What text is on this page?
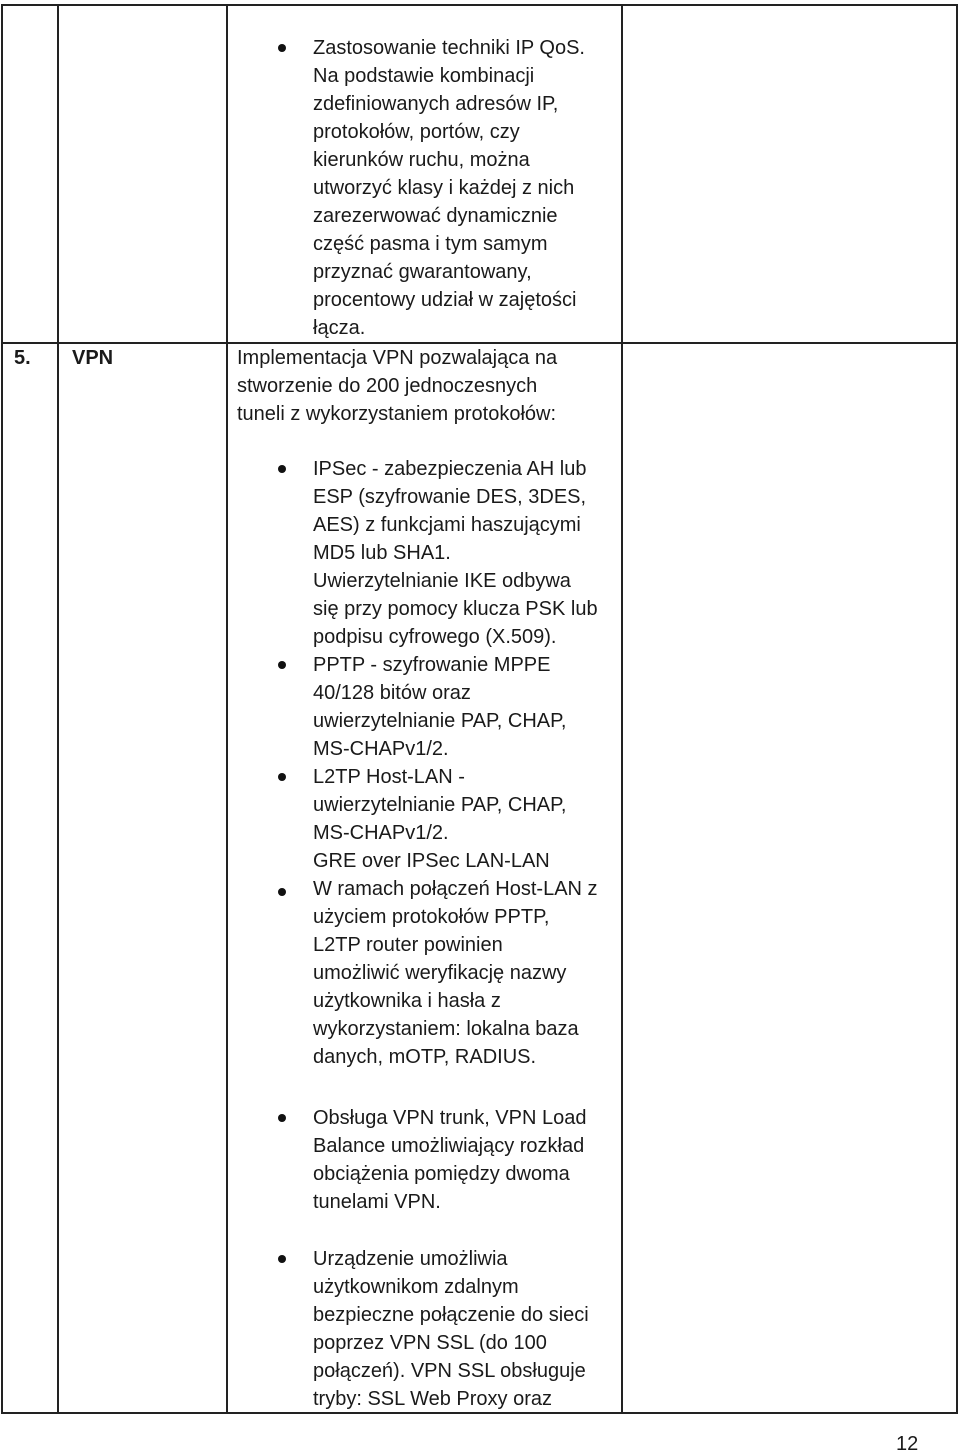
5. VPN
Zastosowanie techniki IP QoS.
Na podstawie kombinacji
zdefiniowanych adresów IP,
protokołów, portów, czy
kierunków ruchu, można
utworzyć klasy i każdej z nich
zarezerwować dynamicznie
część pasma i tym samym
przyznać gwarantowany,
procentowy udział w zajętości
łącza.
Implementacja VPN pozwalająca na
stworzenie do 200 jednoczesnych
tuneli z wykorzystaniem protokołów:
IPSec - zabezpieczenia AH lub
ESP (szyfrowanie DES, 3DES,
AES) z funkcjami haszującymi
MD5 lub SHA1.
Uwierzytelnianie IKE odbywa
się przy pomocy klucza PSK lub
podpisu cyfrowego (X.509).
PPTP - szyfrowanie MPPE
40/128 bitów oraz
uwierzytelnianie PAP, CHAP,
MS-CHAPv1/2.
L2TP Host-LAN -
uwierzytelnianie PAP, CHAP,
MS-CHAPv1/2.
GRE over IPSec LAN-LAN
W ramach połączeń Host-LAN z
użyciem protokołów PPTP,
L2TP router powinien
umożliwić weryfikację nazwy
użytkownika i hasła z
wykorzystaniem: lokalna baza
danych, mOTP, RADIUS.
Obsługa VPN trunk, VPN Load
Balance umożliwiający rozkład
obciążenia pomiędzy dwoma
tunelami VPN.
Urządzenie umożliwia
użytkownikom zdalnym
bezpieczne połączenie do sieci
poprzez VPN SSL (do 100
połączeń). VPN SSL obsługuje
tryby: SSL Web Proxy oraz
12
